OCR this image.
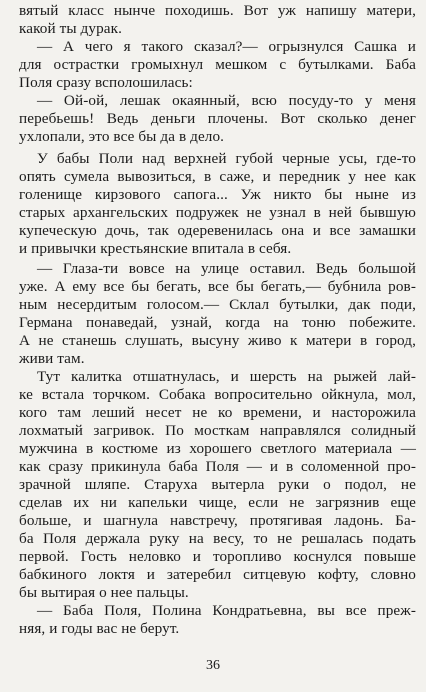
вятый класс нынче походишь. Вот уж напишу матери,
какой ты дурак.
— А чего я такого сказал?— огрызнулся Сашка и
для острастки громыхнул мешком с бутылками. Баба
Поля сразу всполошилась:
— Ой-ой, лешак окаянный, всю посуду-то у меня
перебьешь! Ведь деньги плочены. Вот сколько денег
ухлопали, это все бы да в дело.
У бабы Поли над верхней губой черные усы, где-то
опять сумела вывозиться, в саже, и передник у нее как
голенище кирзового сапога... Уж никто бы ныне из
старых архангельских подружек не узнал в ней бывшую
купеческую дочь, так одеревенилась она и все замашки
и привычки крестьянские впитала в себя.
— Глаза-ти вовсе на улице оставил. Ведь большой
уже. А ему все бы бегать, все бы бегать,— бубнила ров-
ным несердитым голосом.— Склал бутылки, дак поди,
Германа понаведай, узнай, когда на тоню побежите.
А не станешь слушать, высуну живо к матери в город,
живи там.
Тут калитка отшатнулась, и шерсть на рыжей лай-
ке встала торчком. Собака вопросительно ойкнула, мол,
кого там леший несет не ко времени, и насторожила
лохматый загривок. По мосткам направлялся солидный
мужчина в костюме из хорошего светлого материала —
как сразу прикинула баба Поля — и в соломенной про-
зрачной шляпе. Старуха вытерла руки о подол, не
сделав их ни капельки чище, если не загрязнив еще
больше, и шагнула навстречу, протягивая ладонь. Ба-
ба Поля держала руку на весу, то не решалась подать
первой. Гость неловко и торопливо коснулся повыше
бабкиного локтя и затеребил ситцевую кофту, словно
бы вытирая о нее пальцы.
— Баба Поля, Полина Кондратьевна, вы все преж-
няя, и годы вас не берут.
36
